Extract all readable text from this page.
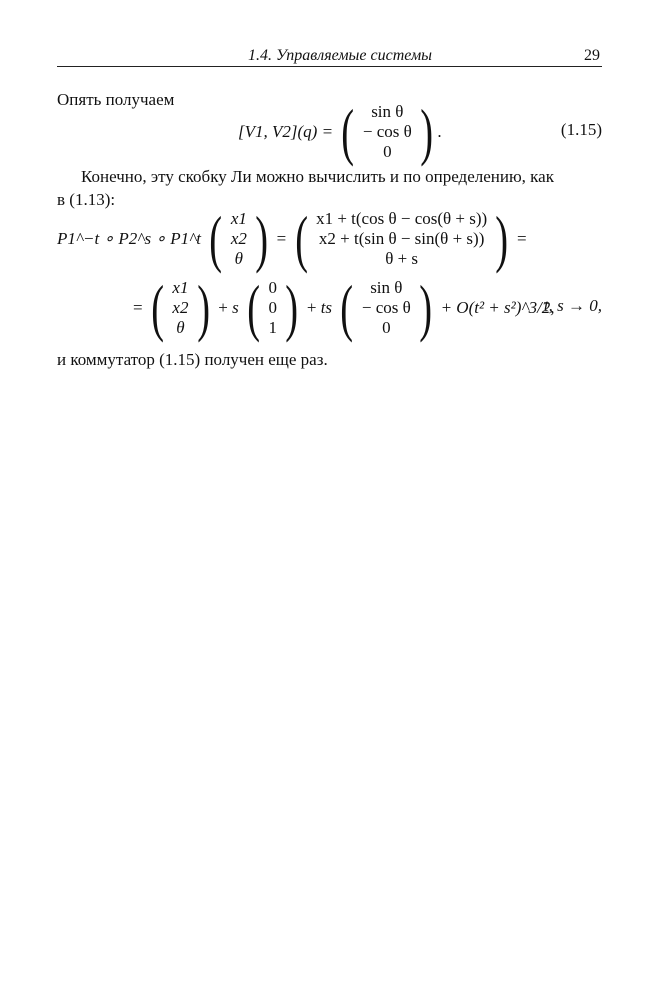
1.4. Управляемые системы	29
Опять получаем
[V1, V2](q) = ( sin θ
− cos θ
0 ) .	(1.15)
Конечно, эту скобку Ли можно вычислить и по определению, как
в (1.13):
P1^−t ∘ P2^s ∘ P1^t ( x1
x2
θ ) = ( x1 + t(cos θ − cos(θ + s))
x2 + t(sin θ − sin(θ + s))
θ + s	) =
= ( x1
x2
θ ) + s ( 0
0
1 ) + ts ( sin θ
− cos θ
0 ) + O(t² + s²)^3/2,
t, s → 0,
и коммутатор (1.15) получен еще раз.
